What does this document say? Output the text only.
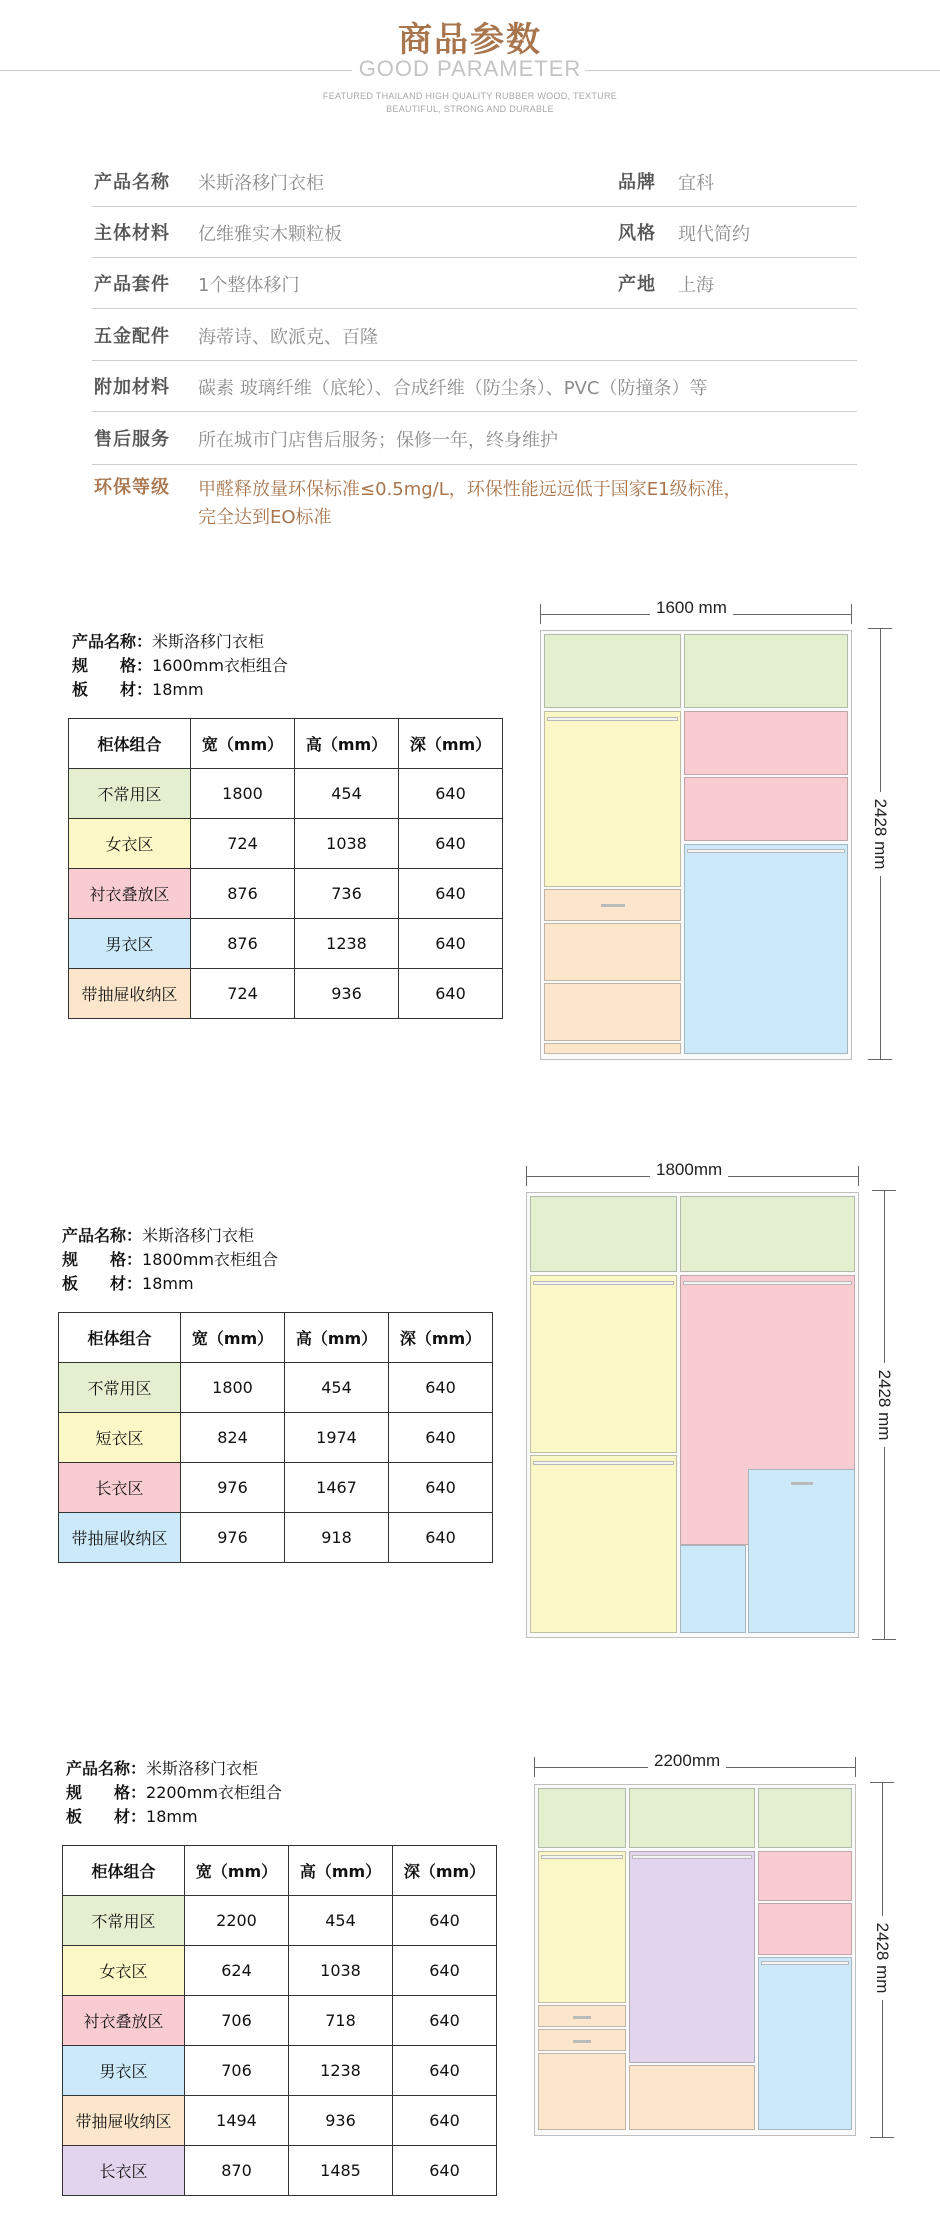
商品参数
GOOD PARAMETER
FEATURED THAILAND HIGH QUALITY RUBBER WOOD, TEXTURE
BEAUTIFUL, STRONG AND DURABLE
产品名称 米斯洛移门衣柜	品牌 宜科
主体材料 亿维雅实木颗粒板	风格 现代简约
产品套件 1个整体移门	产地 上海
五金配件 海蒂诗、欧派克、百隆
附加材料 碳素 玻璃纤维（底轮）、合成纤维（防尘条）、PVC（防撞条）等
售后服务 所在城市门店售后服务；保修一年，终身维护
环保等级 甲醛释放量环保标准≤0.5mg/L，环保性能远远低于国家E1级标准，
完全达到EO标准
产品名称：米斯洛移门衣柜
规　　格：1600mm衣柜组合
板　　材：18mm
柜体组合	宽（mm）	高（mm）	深（mm）
不常用区	1800	454	640
女衣区	724	1038	640
衬衣叠放区	876	736	640
男衣区	876	1238	640
带抽屉收纳区	724	936	640
1600 mm
2428 mm
产品名称：米斯洛移门衣柜
规　　格：1800mm衣柜组合
板　　材：18mm
柜体组合	宽（mm）	高（mm）	深（mm）
不常用区	1800	454	640
短衣区	824	1974	640
长衣区	976	1467	640
带抽屉收纳区	976	918	640
1800mm
2428 mm
产品名称：米斯洛移门衣柜
规　　格：2200mm衣柜组合
板　　材：18mm
柜体组合	宽（mm）	高（mm）	深（mm）
不常用区	2200	454	640
女衣区	624	1038	640
衬衣叠放区	706	718	640
男衣区	706	1238	640
带抽屉收纳区	1494	936	640
长衣区	870	1485	640
2200mm
2428 mm
